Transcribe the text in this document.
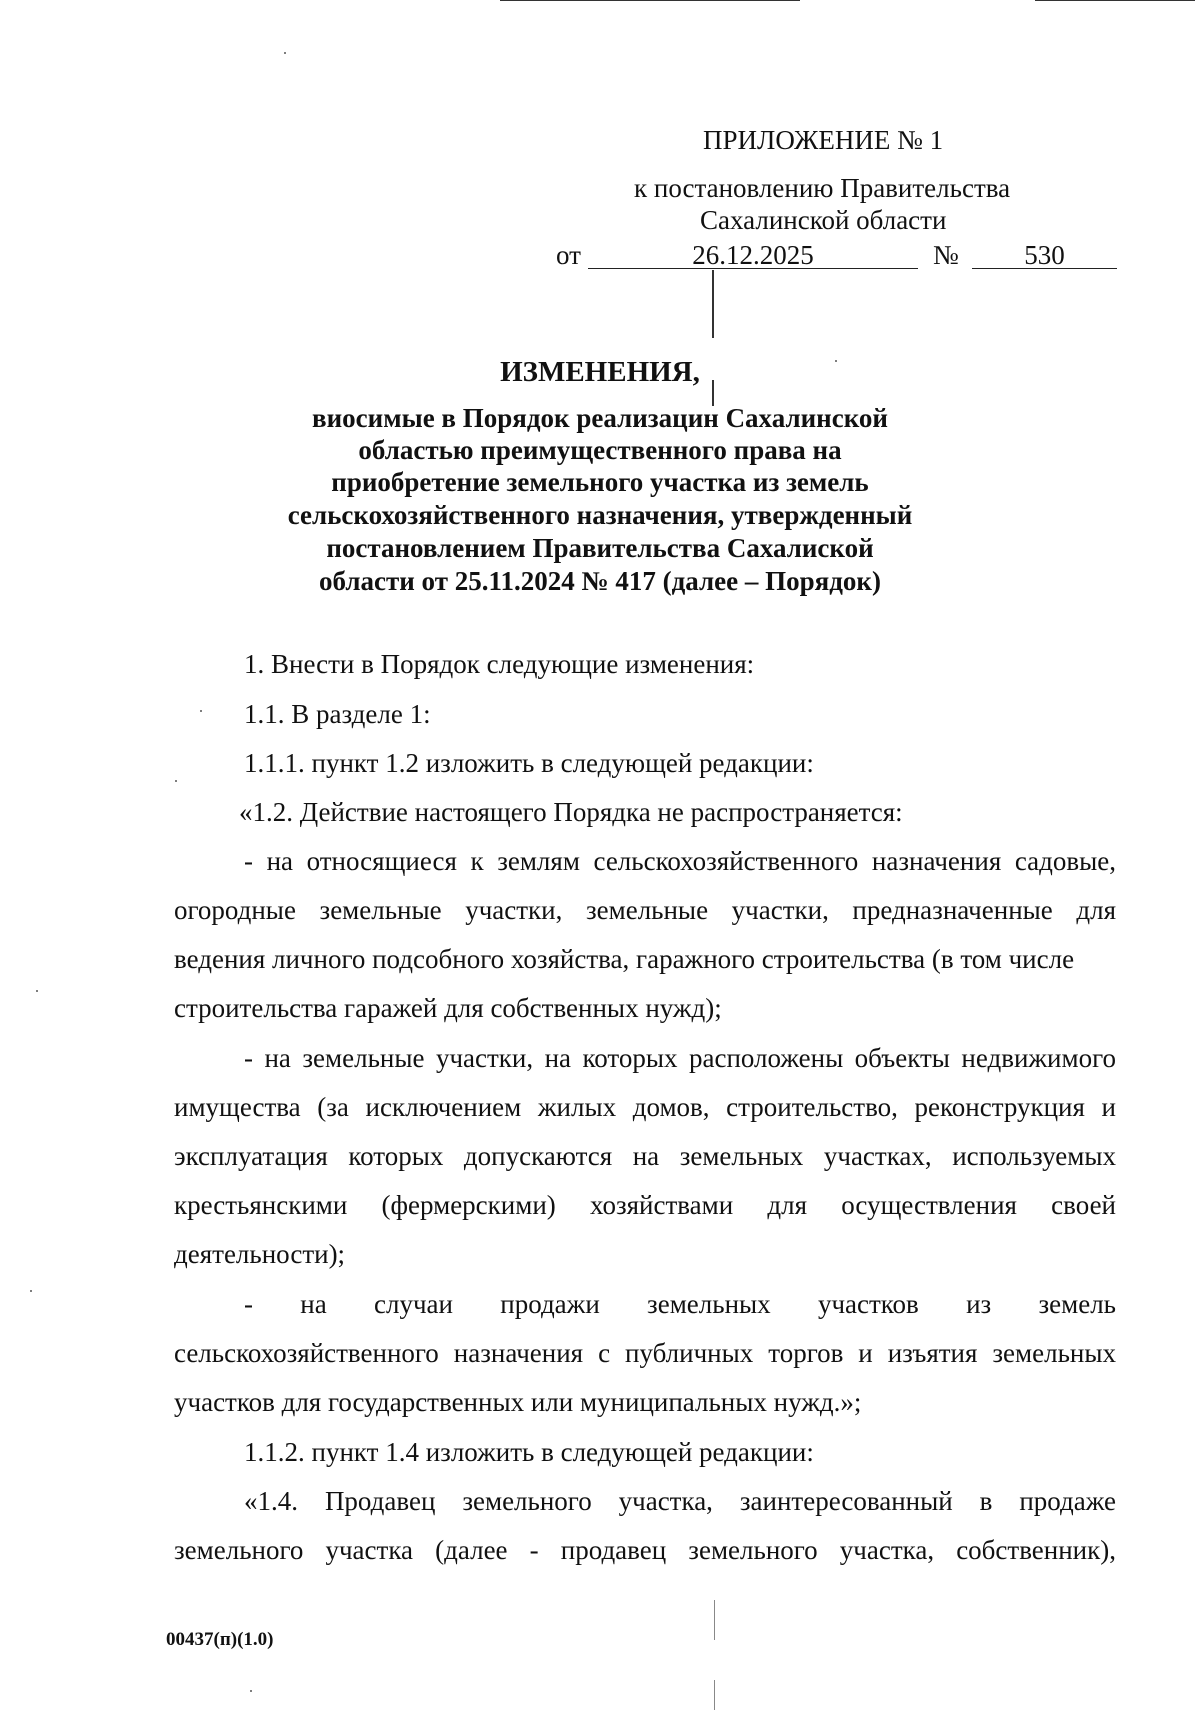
ПРИЛОЖЕНИЕ № 1
к постановлению Правительства
Сахалинской области
от	26.12.2025	№	530
ИЗМЕНЕНИЯ,
виосимые в Порядок реализацин Сахалинской
областью преимущественного права на
приобретение земельного участка из земель
сельскохозяйственного назначения, утвержденный
постановлением Правительства Сахалиской
области от 25.11.2024 № 417 (далее – Порядок)
1. Внести в Порядок следующие изменения:
1.1. В разделе 1:
1.1.1. пункт 1.2 изложить в следующей редакции:
«1.2. Действие настоящего Порядка не распространяется:
- на относящиеся к землям сельскохозяйственного назначения садовые,
огородные земельные участки, земельные участки, предназначенные для
ведения личного подсобного хозяйства, гаражного строительства (в том числе
строительства гаражей для собственных нужд);
- на земельные участки, на которых расположены объекты недвижимого
имущества (за исключением жилых домов, строительство, реконструкция и
эксплуатация которых допускаются на земельных участках, используемых
крестьянскими (фермерскими) хозяйствами для осуществления своей
деятельности);
- на случаи продажи земельных участков из земель
сельскохозяйственного назначения с публичных торгов и изъятия земельных
участков для государственных или муниципальных нужд.»;
1.1.2. пункт 1.4 изложить в следующей редакции:
«1.4. Продавец земельного участка, заинтересованный в продаже
земельного участка (далее - продавец земельного участка, собственник),
00437(п)(1.0)
